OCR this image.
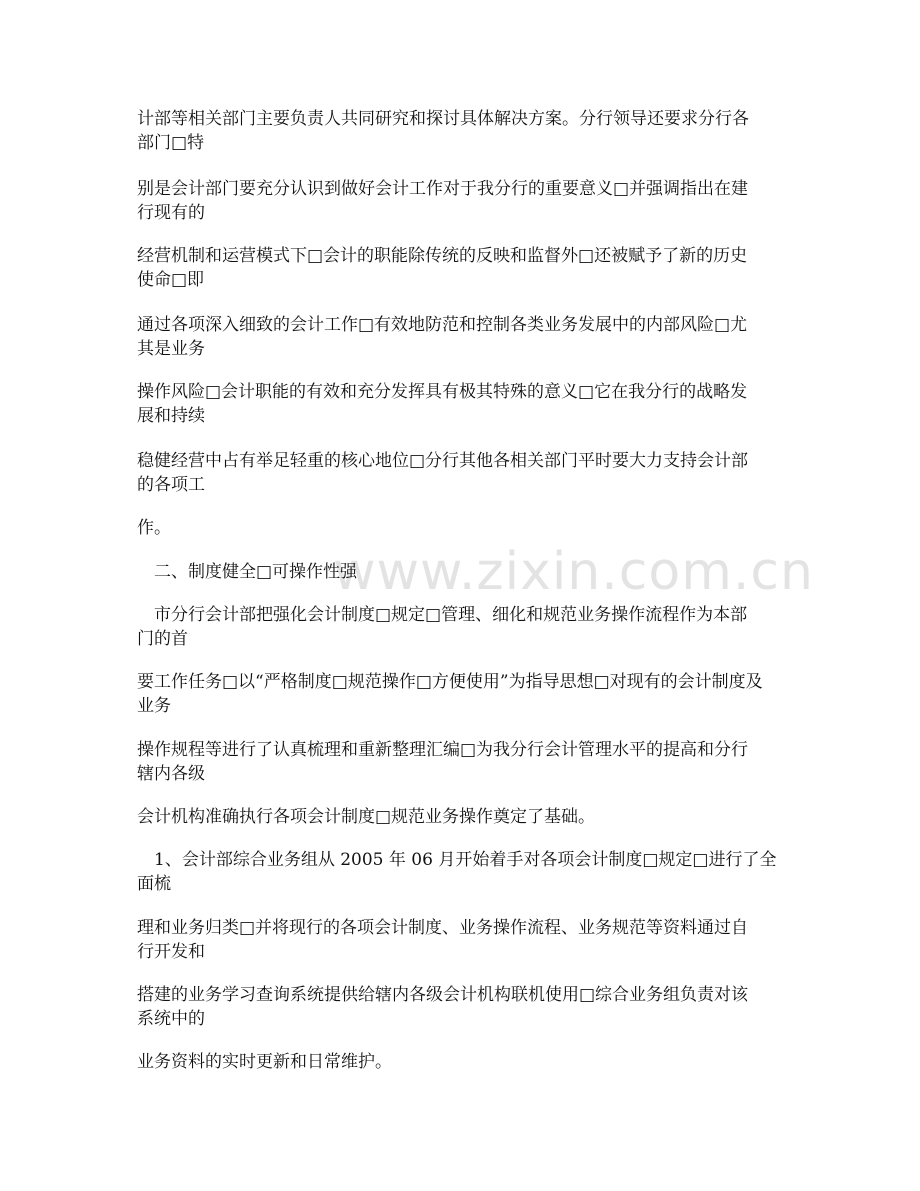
www.zixin.com.cn

计部等相关部门主要负责人共同研究和探讨具体解决方案。分行领导还要求分行各
部门□特

别是会计部门要充分认识到做好会计工作对于我分行的重要意义□并强调指出在建
行现有的

经营机制和运营模式下□会计的职能除传统的反映和监督外□还被赋予了新的历史
使命□即

通过各项深入细致的会计工作□有效地防范和控制各类业务发展中的内部风险□尤
其是业务

操作风险□会计职能的有效和充分发挥具有极其特殊的意义□它在我分行的战略发
展和持续

稳健经营中占有举足轻重的核心地位□分行其他各相关部门平时要大力支持会计部
的各项工

作。

　二、制度健全□可操作性强

　市分行会计部把强化会计制度□规定□管理、细化和规范业务操作流程作为本部
门的首

要工作任务□以“严格制度□规范操作□方便使用”为指导思想□对现有的会计制度及
业务

操作规程等进行了认真梳理和重新整理汇编□为我分行会计管理水平的提高和分行
辖内各级

会计机构准确执行各项会计制度□规范业务操作奠定了基础。

　1、会计部综合业务组从 2005 年 06 月开始着手对各项会计制度□规定□进行了全
面梳

理和业务归类□并将现行的各项会计制度、业务操作流程、业务规范等资料通过自
行开发和

搭建的业务学习查询系统提供给辖内各级会计机构联机使用□综合业务组负责对该
系统中的

业务资料的实时更新和日常维护。
